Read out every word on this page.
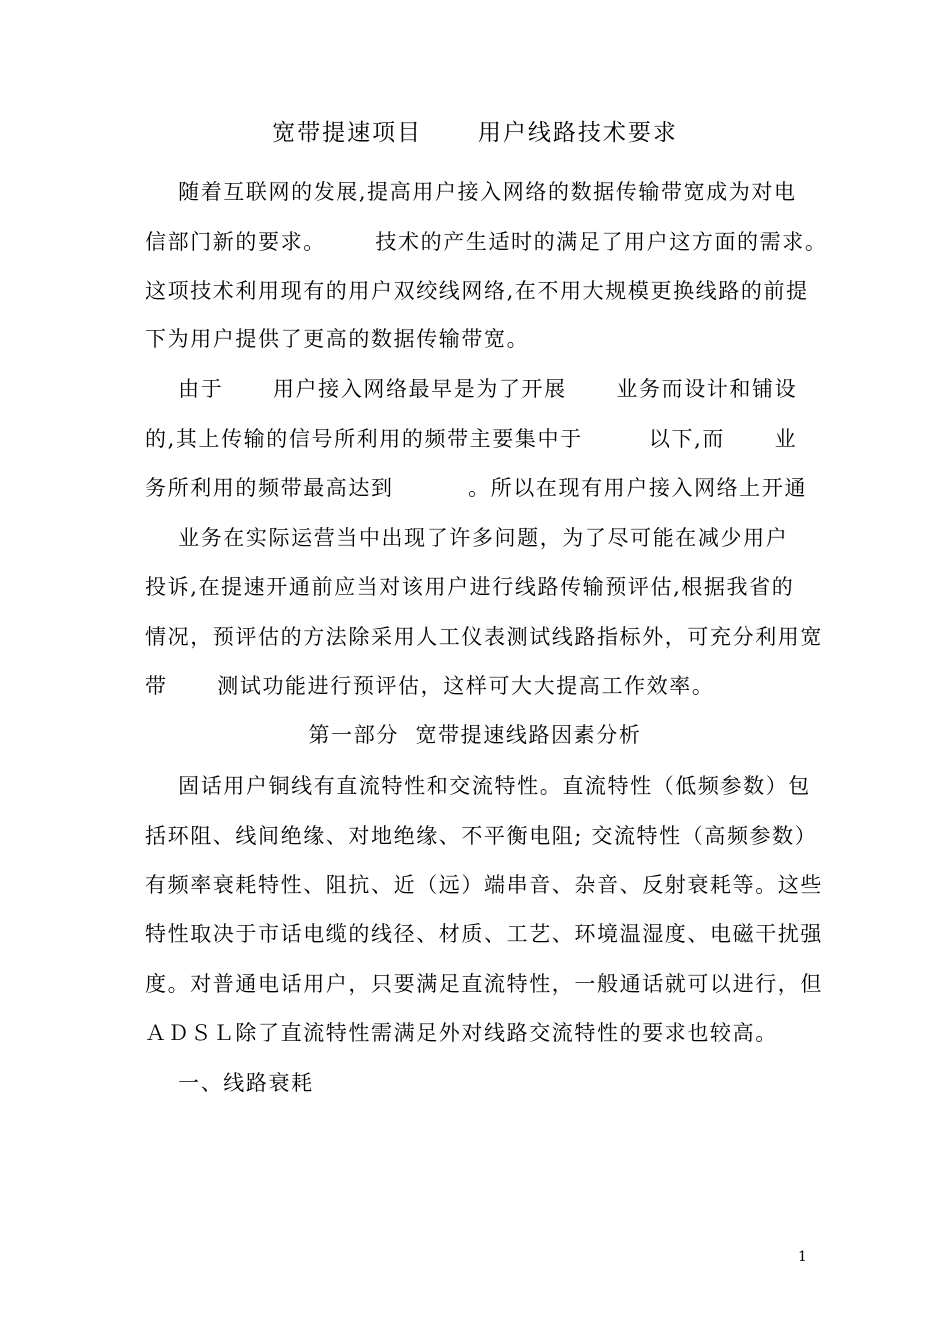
宽带提速项目      用户线路技术要求
随着互联网的发展,提高用户接入网络的数据传输带宽成为对电
信部门新的要求。      技术的产生适时的满足了用户这方面的需求。
这项技术利用现有的用户双绞线网络,在不用大规模更换线路的前提
下为用户提供了更高的数据传输带宽。
由于      用户接入网络最早是为了开展      业务而设计和铺设
的,其上传输的信号所利用的频带主要集中于        以下,而      业
务所利用的频带最高达到         。所以在现有用户接入网络上开通
业务在实际运营当中出现了许多问题，为了尽可能在减少用户
投诉,在提速开通前应当对该用户进行线路传输预评估,根据我省的
情况，预评估的方法除采用人工仪表测试线路指标外，可充分利用宽
带      测试功能进行预评估，这样可大大提高工作效率。
第一部分  宽带提速线路因素分析
固话用户铜线有直流特性和交流特性。直流特性（低频参数）包
括环阻、线间绝缘、对地绝缘、不平衡电阻; 交流特性（高频参数）
有频率衰耗特性、阻抗、近（远）端串音、杂音、反射衰耗等。这些
特性取决于市话电缆的线径、材质、工艺、环境温湿度、电磁干扰强
度。对普通电话用户，只要满足直流特性，一般通话就可以进行，但
ＡＤＳＬ除了直流特性需满足外对线路交流特性的要求也较高。
一、线路衰耗
1
